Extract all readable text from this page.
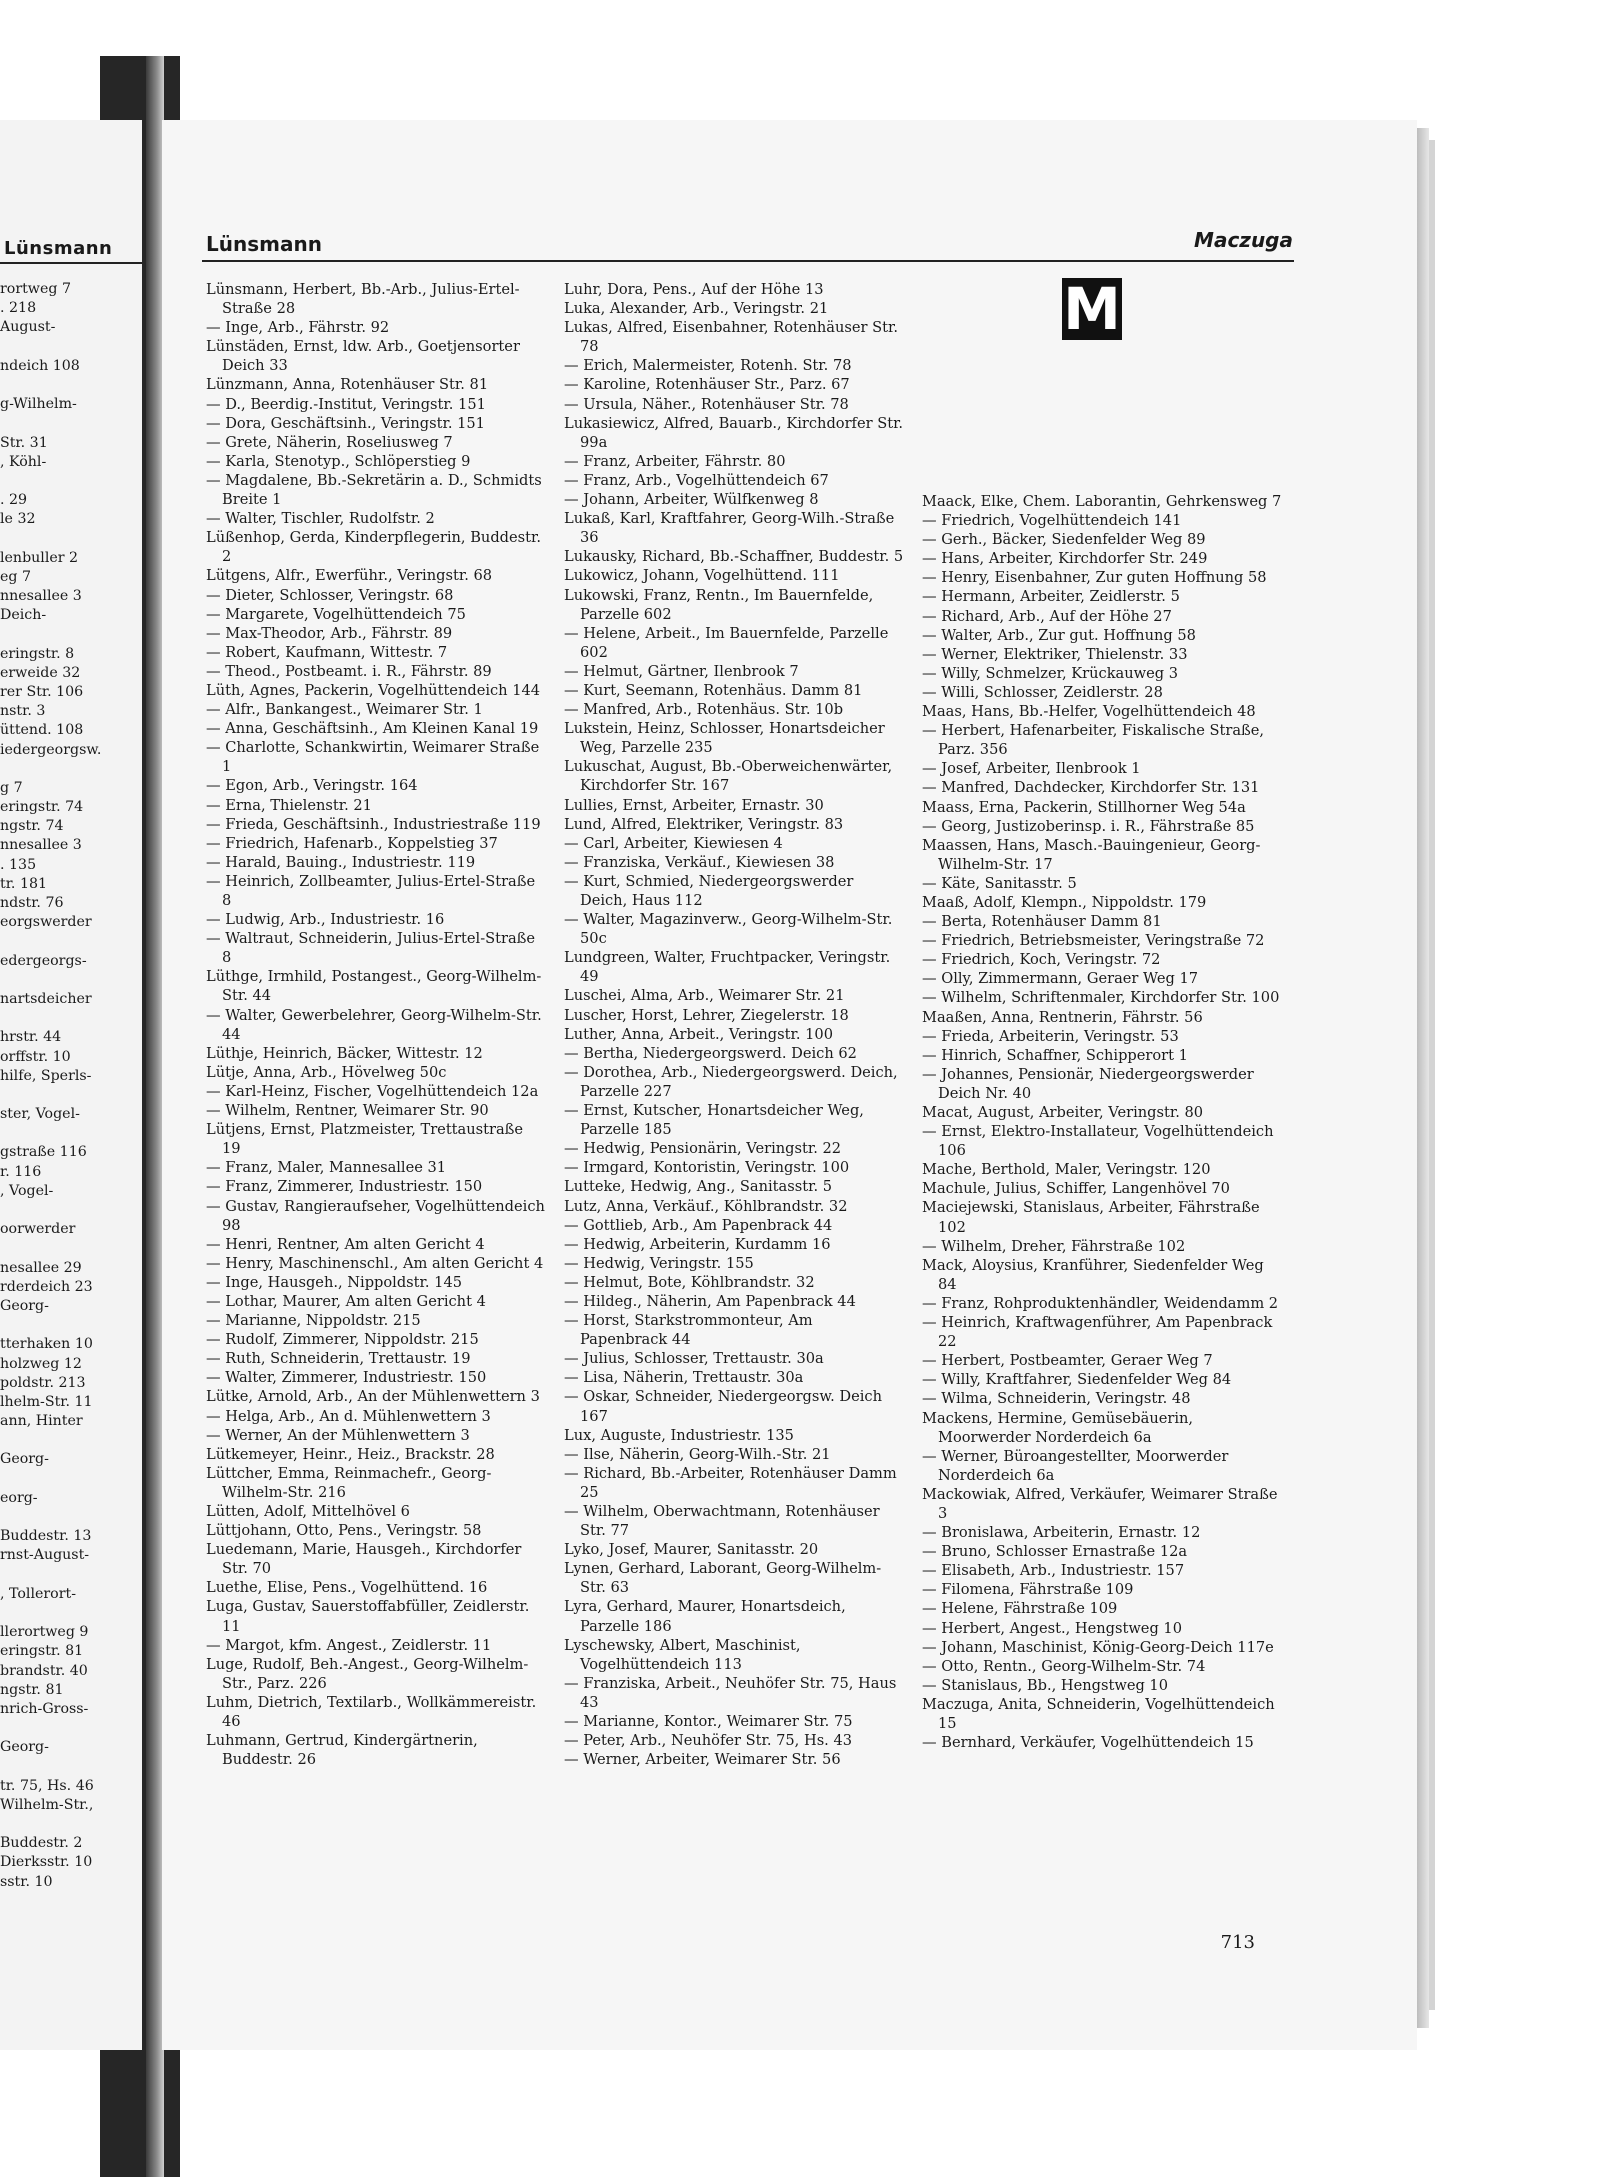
Lünsmann
rortweg 7
. 218
August-
ndeich 108
g-Wilhelm-
Str. 31
, Köhl-
. 29
le 32
lenbuller 2
eg 7
nnesallee 3
Deich-
eringstr. 8
erweide 32
rer Str. 106
nstr. 3
üttend. 108
iedergeorgsw.
g 7
eringstr. 74
ngstr. 74
nnesallee 3
. 135
tr. 181
ndstr. 76
eorgswerder
edergeorgs-
nartsdeicher
hrstr. 44
orffstr. 10
hilfe, Sperls-
ster, Vogel-
gstraße 116
r. 116
, Vogel-
oorwerder
nesallee 29
rderdeich 23
Georg-
tterhaken 10
holzweg 12
poldstr. 213
lhelm-Str. 11
ann, Hinter
Georg-
eorg-
Buddestr. 13
rnst-August-
, Tollerort-
llerortweg 9
eringstr. 81
brandstr. 40
ngstr. 81
nrich-Gross-
Georg-
tr. 75, Hs. 46
Wilhelm-Str.,
Buddestr. 2
Dierksstr. 10
sstr. 10
Lünsmann	Maczuga
Lünsmann, Herbert, Bb.-Arb., Julius-Ertel-Straße 28
— Inge, Arb., Fährstr. 92
Lünstäden, Ernst, ldw. Arb., Goetjensorter Deich 33
Lünzmann, Anna, Rotenhäuser Str. 81
— D., Beerdig.-Institut, Veringstr. 151
— Dora, Geschäftsinh., Veringstr. 151
— Grete, Näherin, Roseliusweg 7
— Karla, Stenotyp., Schlöperstieg 9
— Magdalene, Bb.-Sekretärin a. D., Schmidts Breite 1
— Walter, Tischler, Rudolfstr. 2
Lüßenhop, Gerda, Kinderpflegerin, Buddestr. 2
Lütgens, Alfr., Ewerführ., Veringstr. 68
— Dieter, Schlosser, Veringstr. 68
— Margarete, Vogelhüttendeich 75
— Max-Theodor, Arb., Fährstr. 89
— Robert, Kaufmann, Wittestr. 7
— Theod., Postbeamt. i. R., Fährstr. 89
Lüth, Agnes, Packerin, Vogelhüttendeich 144
— Alfr., Bankangest., Weimarer Str. 1
— Anna, Geschäftsinh., Am Kleinen Kanal 19
— Charlotte, Schankwirtin, Weimarer Straße 1
— Egon, Arb., Veringstr. 164
— Erna, Thielenstr. 21
— Frieda, Geschäftsinh., Industriestraße 119
— Friedrich, Hafenarb., Koppelstieg 37
— Harald, Bauing., Industriestr. 119
— Heinrich, Zollbeamter, Julius-Ertel-Straße 8
— Ludwig, Arb., Industriestr. 16
— Waltraut, Schneiderin, Julius-Ertel-Straße 8
Lüthge, Irmhild, Postangest., Georg-Wilhelm-Str. 44
— Walter, Gewerbelehrer, Georg-Wilhelm-Str. 44
Lüthje, Heinrich, Bäcker, Wittestr. 12
Lütje, Anna, Arb., Hövelweg 50c
— Karl-Heinz, Fischer, Vogelhüttendeich 12a
— Wilhelm, Rentner, Weimarer Str. 90
Lütjens, Ernst, Platzmeister, Trettaustraße 19
— Franz, Maler, Mannesallee 31
— Franz, Zimmerer, Industriestr. 150
— Gustav, Rangieraufseher, Vogelhüttendeich 98
— Henri, Rentner, Am alten Gericht 4
— Henry, Maschinenschl., Am alten Gericht 4
— Inge, Hausgeh., Nippoldstr. 145
— Lothar, Maurer, Am alten Gericht 4
— Marianne, Nippoldstr. 215
— Rudolf, Zimmerer, Nippoldstr. 215
— Ruth, Schneiderin, Trettaustr. 19
— Walter, Zimmerer, Industriestr. 150
Lütke, Arnold, Arb., An der Mühlenwettern 3
— Helga, Arb., An d. Mühlenwettern 3
— Werner, An der Mühlenwettern 3
Lütkemeyer, Heinr., Heiz., Brackstr. 28
Lüttcher, Emma, Reinmachefr., Georg-Wilhelm-Str. 216
Lütten, Adolf, Mittelhövel 6
Lüttjohann, Otto, Pens., Veringstr. 58
Luedemann, Marie, Hausgeh., Kirchdorfer Str. 70
Luethe, Elise, Pens., Vogelhüttend. 16
Luga, Gustav, Sauerstoffabfüller, Zeidlerstr. 11
— Margot, kfm. Angest., Zeidlerstr. 11
Luge, Rudolf, Beh.-Angest., Georg-Wilhelm-Str., Parz. 226
Luhm, Dietrich, Textilarb., Wollkämmereistr. 46
Luhmann, Gertrud, Kindergärtnerin, Buddestr. 26
Luhr, Dora, Pens., Auf der Höhe 13
Luka, Alexander, Arb., Veringstr. 21
Lukas, Alfred, Eisenbahner, Rotenhäuser Str. 78
— Erich, Malermeister, Rotenh. Str. 78
— Karoline, Rotenhäuser Str., Parz. 67
— Ursula, Näher., Rotenhäuser Str. 78
Lukasiewicz, Alfred, Bauarb., Kirchdorfer Str. 99a
— Franz, Arbeiter, Fährstr. 80
— Franz, Arb., Vogelhüttendeich 67
— Johann, Arbeiter, Wülfkenweg 8
Lukaß, Karl, Kraftfahrer, Georg-Wilh.-Straße 36
Lukausky, Richard, Bb.-Schaffner, Buddestr. 5
Lukowicz, Johann, Vogelhüttend. 111
Lukowski, Franz, Rentn., Im Bauernfelde, Parzelle 602
— Helene, Arbeit., Im Bauernfelde, Parzelle 602
— Helmut, Gärtner, Ilenbrook 7
— Kurt, Seemann, Rotenhäus. Damm 81
— Manfred, Arb., Rotenhäus. Str. 10b
Lukstein, Heinz, Schlosser, Honartsdeicher Weg, Parzelle 235
Lukuschat, August, Bb.-Oberweichenwärter, Kirchdorfer Str. 167
Lullies, Ernst, Arbeiter, Ernastr. 30
Lund, Alfred, Elektriker, Veringstr. 83
— Carl, Arbeiter, Kiewiesen 4
— Franziska, Verkäuf., Kiewiesen 38
— Kurt, Schmied, Niedergeorgswerder Deich, Haus 112
— Walter, Magazinverw., Georg-Wilhelm-Str. 50c
Lundgreen, Walter, Fruchtpacker, Veringstr. 49
Luschei, Alma, Arb., Weimarer Str. 21
Luscher, Horst, Lehrer, Ziegelerstr. 18
Luther, Anna, Arbeit., Veringstr. 100
— Bertha, Niedergeorgswerd. Deich 62
— Dorothea, Arb., Niedergeorgswerd. Deich, Parzelle 227
— Ernst, Kutscher, Honartsdeicher Weg, Parzelle 185
— Hedwig, Pensionärin, Veringstr. 22
— Irmgard, Kontoristin, Veringstr. 100
Lutteke, Hedwig, Ang., Sanitasstr. 5
Lutz, Anna, Verkäuf., Köhlbrandstr. 32
— Gottlieb, Arb., Am Papenbrack 44
— Hedwig, Arbeiterin, Kurdamm 16
— Hedwig, Veringstr. 155
— Helmut, Bote, Köhlbrandstr. 32
— Hildeg., Näherin, Am Papenbrack 44
— Horst, Starkstrommonteur, Am Papenbrack 44
— Julius, Schlosser, Trettaustr. 30a
— Lisa, Näherin, Trettaustr. 30a
— Oskar, Schneider, Niedergeorgsw. Deich 167
Lux, Auguste, Industriestr. 135
— Ilse, Näherin, Georg-Wilh.-Str. 21
— Richard, Bb.-Arbeiter, Rotenhäuser Damm 25
— Wilhelm, Oberwachtmann, Rotenhäuser Str. 77
Lyko, Josef, Maurer, Sanitasstr. 20
Lynen, Gerhard, Laborant, Georg-Wilhelm-Str. 63
Lyra, Gerhard, Maurer, Honartsdeich, Parzelle 186
Lyschewsky, Albert, Maschinist, Vogelhüttendeich 113
— Franziska, Arbeit., Neuhöfer Str. 75, Haus 43
— Marianne, Kontor., Weimarer Str. 75
— Peter, Arb., Neuhöfer Str. 75, Hs. 43
— Werner, Arbeiter, Weimarer Str. 56
M
Maack, Elke, Chem. Laborantin, Gehrkensweg 7
— Friedrich, Vogelhüttendeich 141
— Gerh., Bäcker, Siedenfelder Weg 89
— Hans, Arbeiter, Kirchdorfer Str. 249
— Henry, Eisenbahner, Zur guten Hoffnung 58
— Hermann, Arbeiter, Zeidlerstr. 5
— Richard, Arb., Auf der Höhe 27
— Walter, Arb., Zur gut. Hoffnung 58
— Werner, Elektriker, Thielenstr. 33
— Willy, Schmelzer, Krückauweg 3
— Willi, Schlosser, Zeidlerstr. 28
Maas, Hans, Bb.-Helfer, Vogelhüttendeich 48
— Herbert, Hafenarbeiter, Fiskalische Straße, Parz. 356
— Josef, Arbeiter, Ilenbrook 1
— Manfred, Dachdecker, Kirchdorfer Str. 131
Maass, Erna, Packerin, Stillhorner Weg 54a
— Georg, Justizoberinsp. i. R., Fährstraße 85
Maassen, Hans, Masch.-Bauingenieur, Georg-Wilhelm-Str. 17
— Käte, Sanitasstr. 5
Maaß, Adolf, Klempn., Nippoldstr. 179
— Berta, Rotenhäuser Damm 81
— Friedrich, Betriebsmeister, Veringstraße 72
— Friedrich, Koch, Veringstr. 72
— Olly, Zimmermann, Geraer Weg 17
— Wilhelm, Schriftenmaler, Kirchdorfer Str. 100
Maaßen, Anna, Rentnerin, Fährstr. 56
— Frieda, Arbeiterin, Veringstr. 53
— Hinrich, Schaffner, Schipperort 1
— Johannes, Pensionär, Niedergeorgswerder Deich Nr. 40
Macat, August, Arbeiter, Veringstr. 80
— Ernst, Elektro-Installateur, Vogelhüttendeich 106
Mache, Berthold, Maler, Veringstr. 120
Machule, Julius, Schiffer, Langenhövel 70
Maciejewski, Stanislaus, Arbeiter, Fährstraße 102
— Wilhelm, Dreher, Fährstraße 102
Mack, Aloysius, Kranführer, Siedenfelder Weg 84
— Franz, Rohproduktenhändler, Weidendamm 2
— Heinrich, Kraftwagenführer, Am Papenbrack 22
— Herbert, Postbeamter, Geraer Weg 7
— Willy, Kraftfahrer, Siedenfelder Weg 84
— Wilma, Schneiderin, Veringstr. 48
Mackens, Hermine, Gemüsebäuerin, Moorwerder Norderdeich 6a
— Werner, Büroangestellter, Moorwerder Norderdeich 6a
Mackowiak, Alfred, Verkäufer, Weimarer Straße 3
— Bronislawa, Arbeiterin, Ernastr. 12
— Bruno, Schlosser Ernastraße 12a
— Elisabeth, Arb., Industriestr. 157
— Filomena, Fährstraße 109
— Helene, Fährstraße 109
— Herbert, Angest., Hengstweg 10
— Johann, Maschinist, König-Georg-Deich 117e
— Otto, Rentn., Georg-Wilhelm-Str. 74
— Stanislaus, Bb., Hengstweg 10
Maczuga, Anita, Schneiderin, Vogelhüttendeich 15
— Bernhard, Verkäufer, Vogelhüttendeich 15
713
